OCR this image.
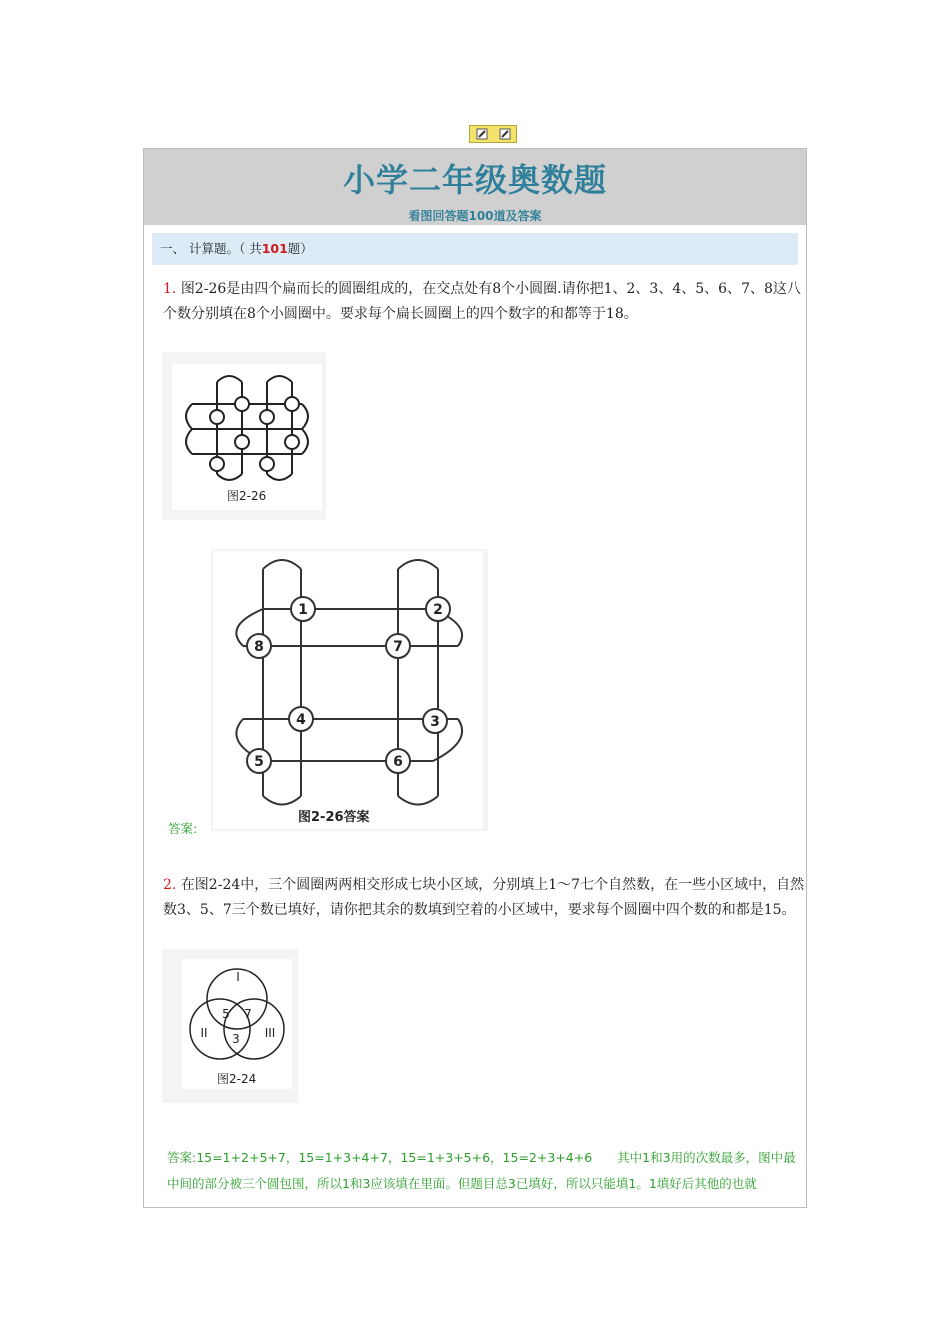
小学二年级奥数题
看图回答题100道及答案
一、 计算题。（ 共101题）
1. 图2-26是由四个扁而长的圆圈组成的，在交点处有8个小圆圈.请你把1、2、3、4、5、6、7、8这八个数分别填在8个小圆圈中。要求每个扁长圆圈上的四个数字的和都等于18。
图2-26
1	2
8	7
4	3
5	6
图2-26答案
答案:
2. 在图2-24中，三个圆圈两两相交形成七块小区域，分别填上1～7七个自然数，在一些小区域中，自然数3、5、7三个数已填好，请你把其余的数填到空着的小区域中，要求每个圆圈中四个数的和都是15。
I
II	III
5 7
3
图2-24
答案:15=1+2+5+7，15=1+3+4+7，15=1+3+5+6，15=2+3+4+6　　其中1和3用的次数最多，图中最中间的部分被三个圆包围，所以1和3应该填在里面。但题目总3已填好，所以只能填1。1填好后其他的也就
